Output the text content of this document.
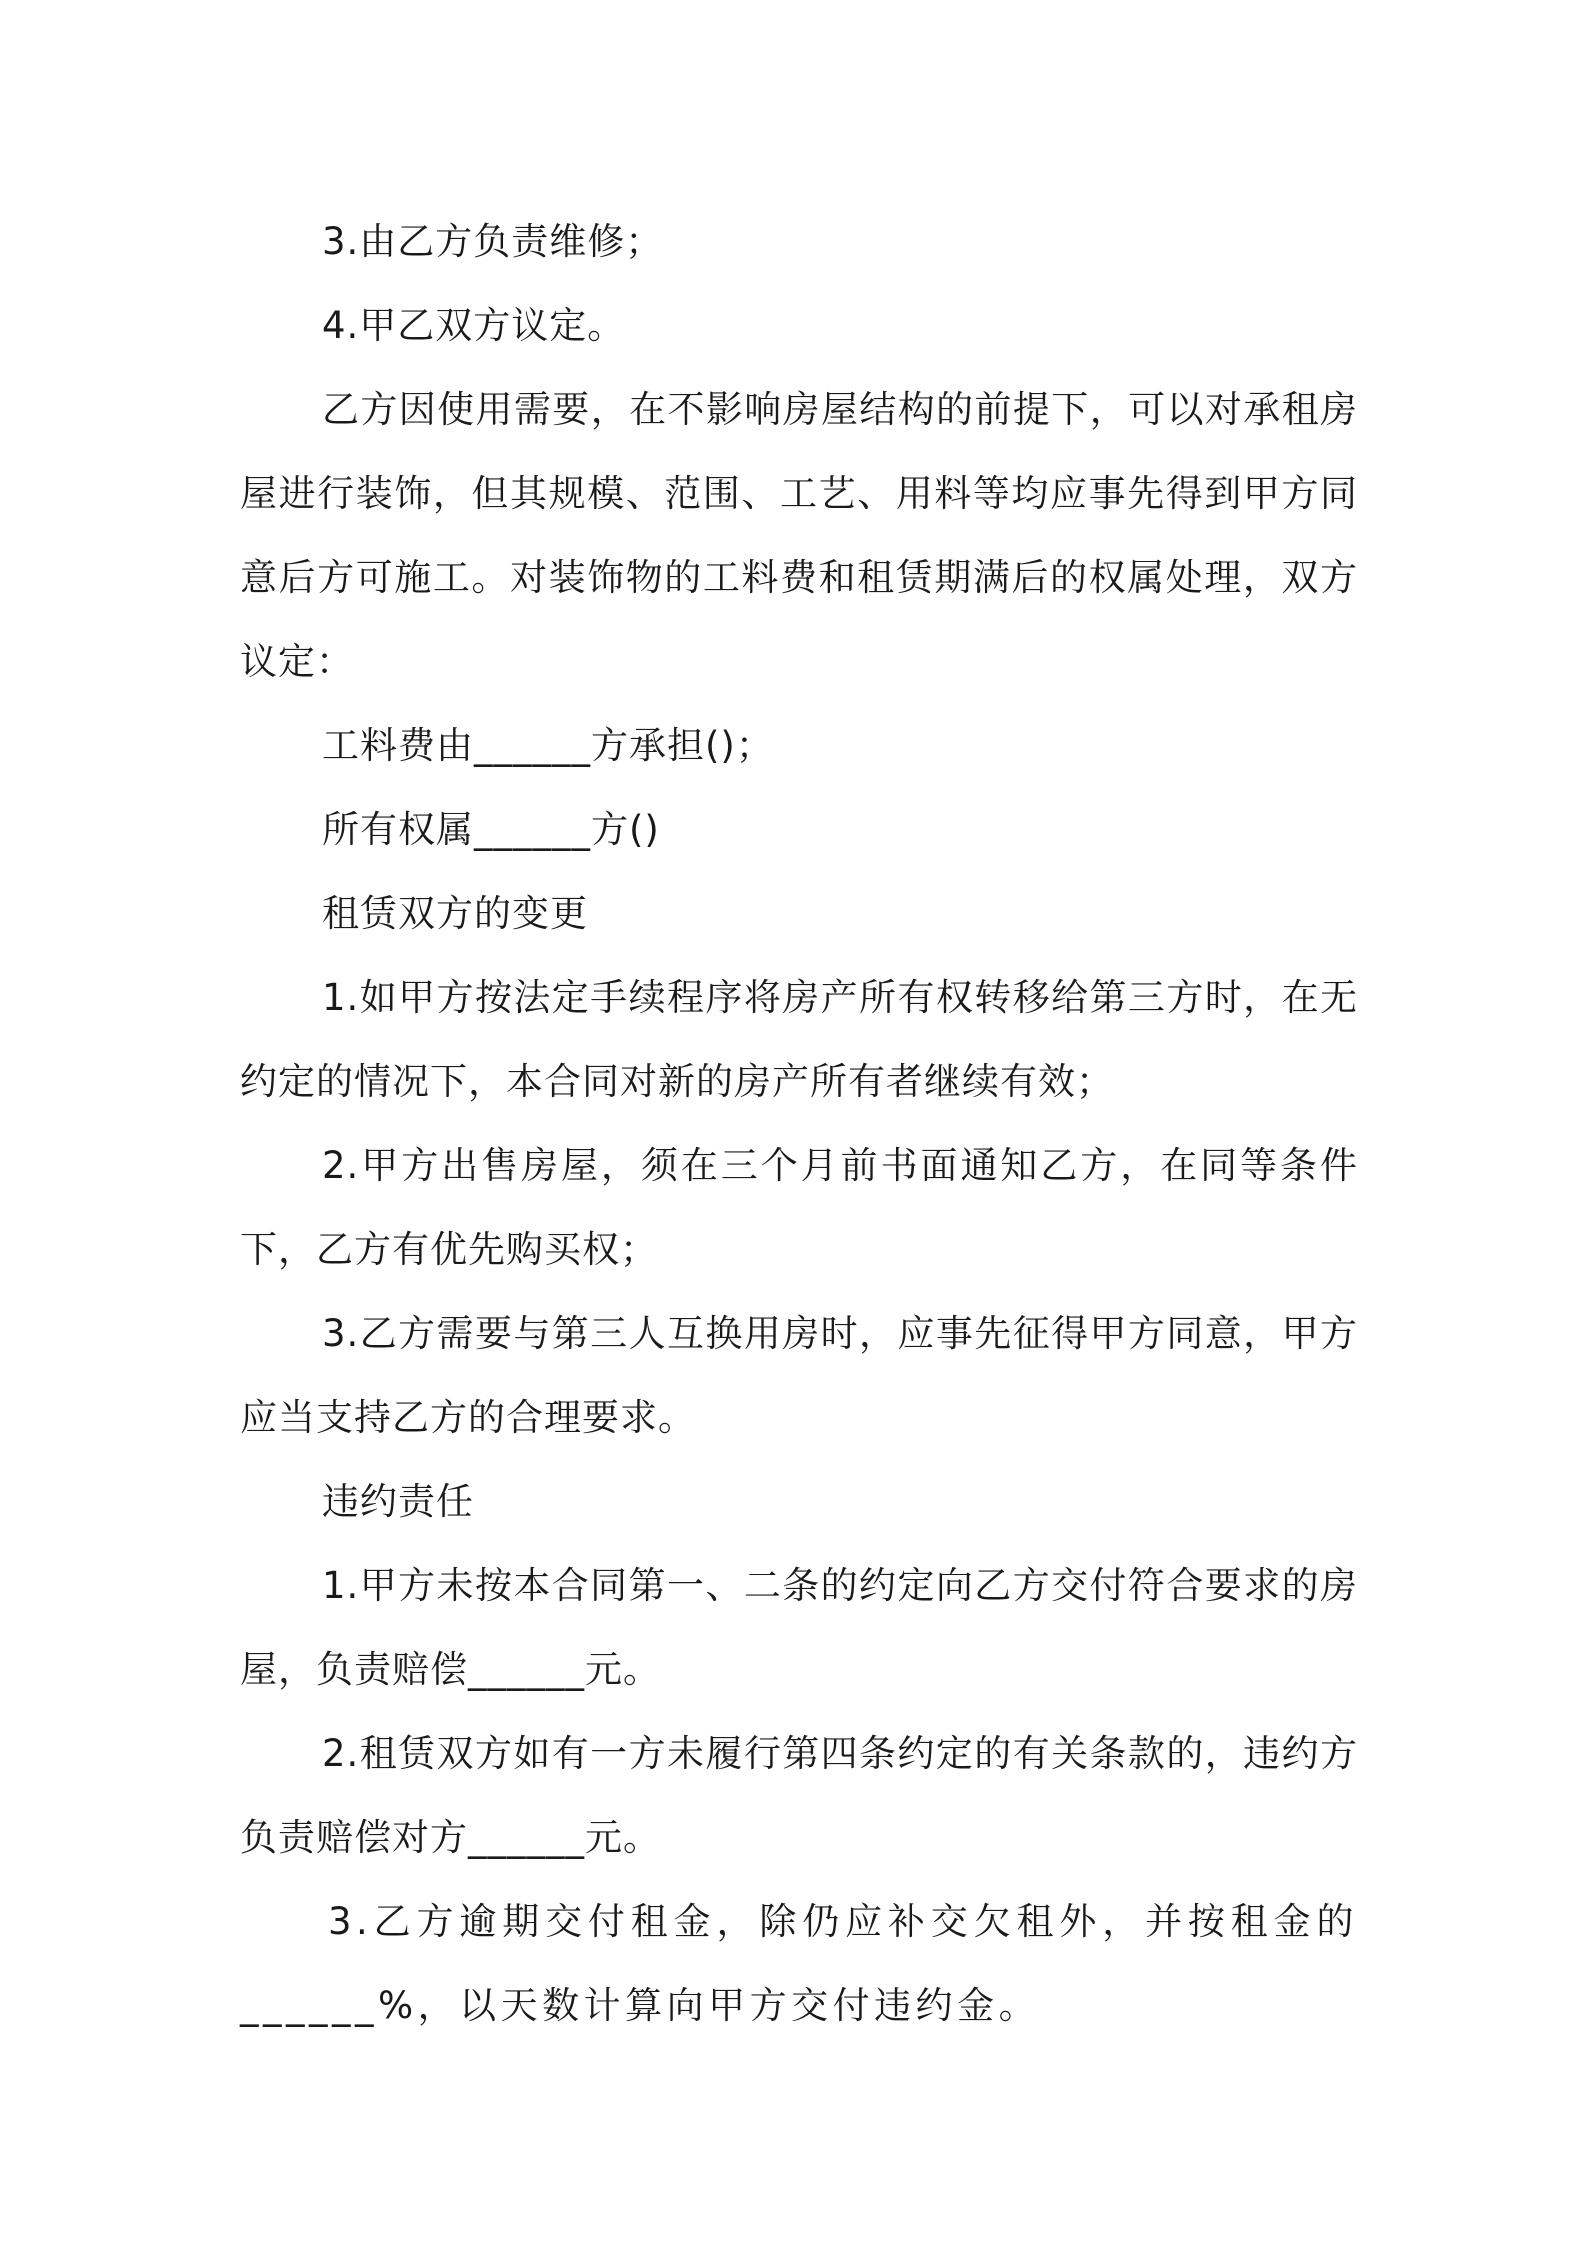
3.由乙方负责维修；

4.甲乙双方议定。

乙方因使用需要，在不影响房屋结构的前提下，可以对承租房屋进行装饰，但其规模、范围、工艺、用料等均应事先得到甲方同意后方可施工。对装饰物的工料费和租赁期满后的权属处理，双方议定：

工料费由______方承担()；

所有权属______方()

租赁双方的变更

1.如甲方按法定手续程序将房产所有权转移给第三方时，在无约定的情况下，本合同对新的房产所有者继续有效；

2.甲方出售房屋，须在三个月前书面通知乙方，在同等条件下，乙方有优先购买权；

3.乙方需要与第三人互换用房时，应事先征得甲方同意，甲方应当支持乙方的合理要求。

违约责任

1.甲方未按本合同第一、二条的约定向乙方交付符合要求的房屋，负责赔偿______元。

2.租赁双方如有一方未履行第四条约定的有关条款的，违约方负责赔偿对方______元。

3.乙方逾期交付租金，除仍应补交欠租外，并按租金的______%，以天数计算向甲方交付违约金。
